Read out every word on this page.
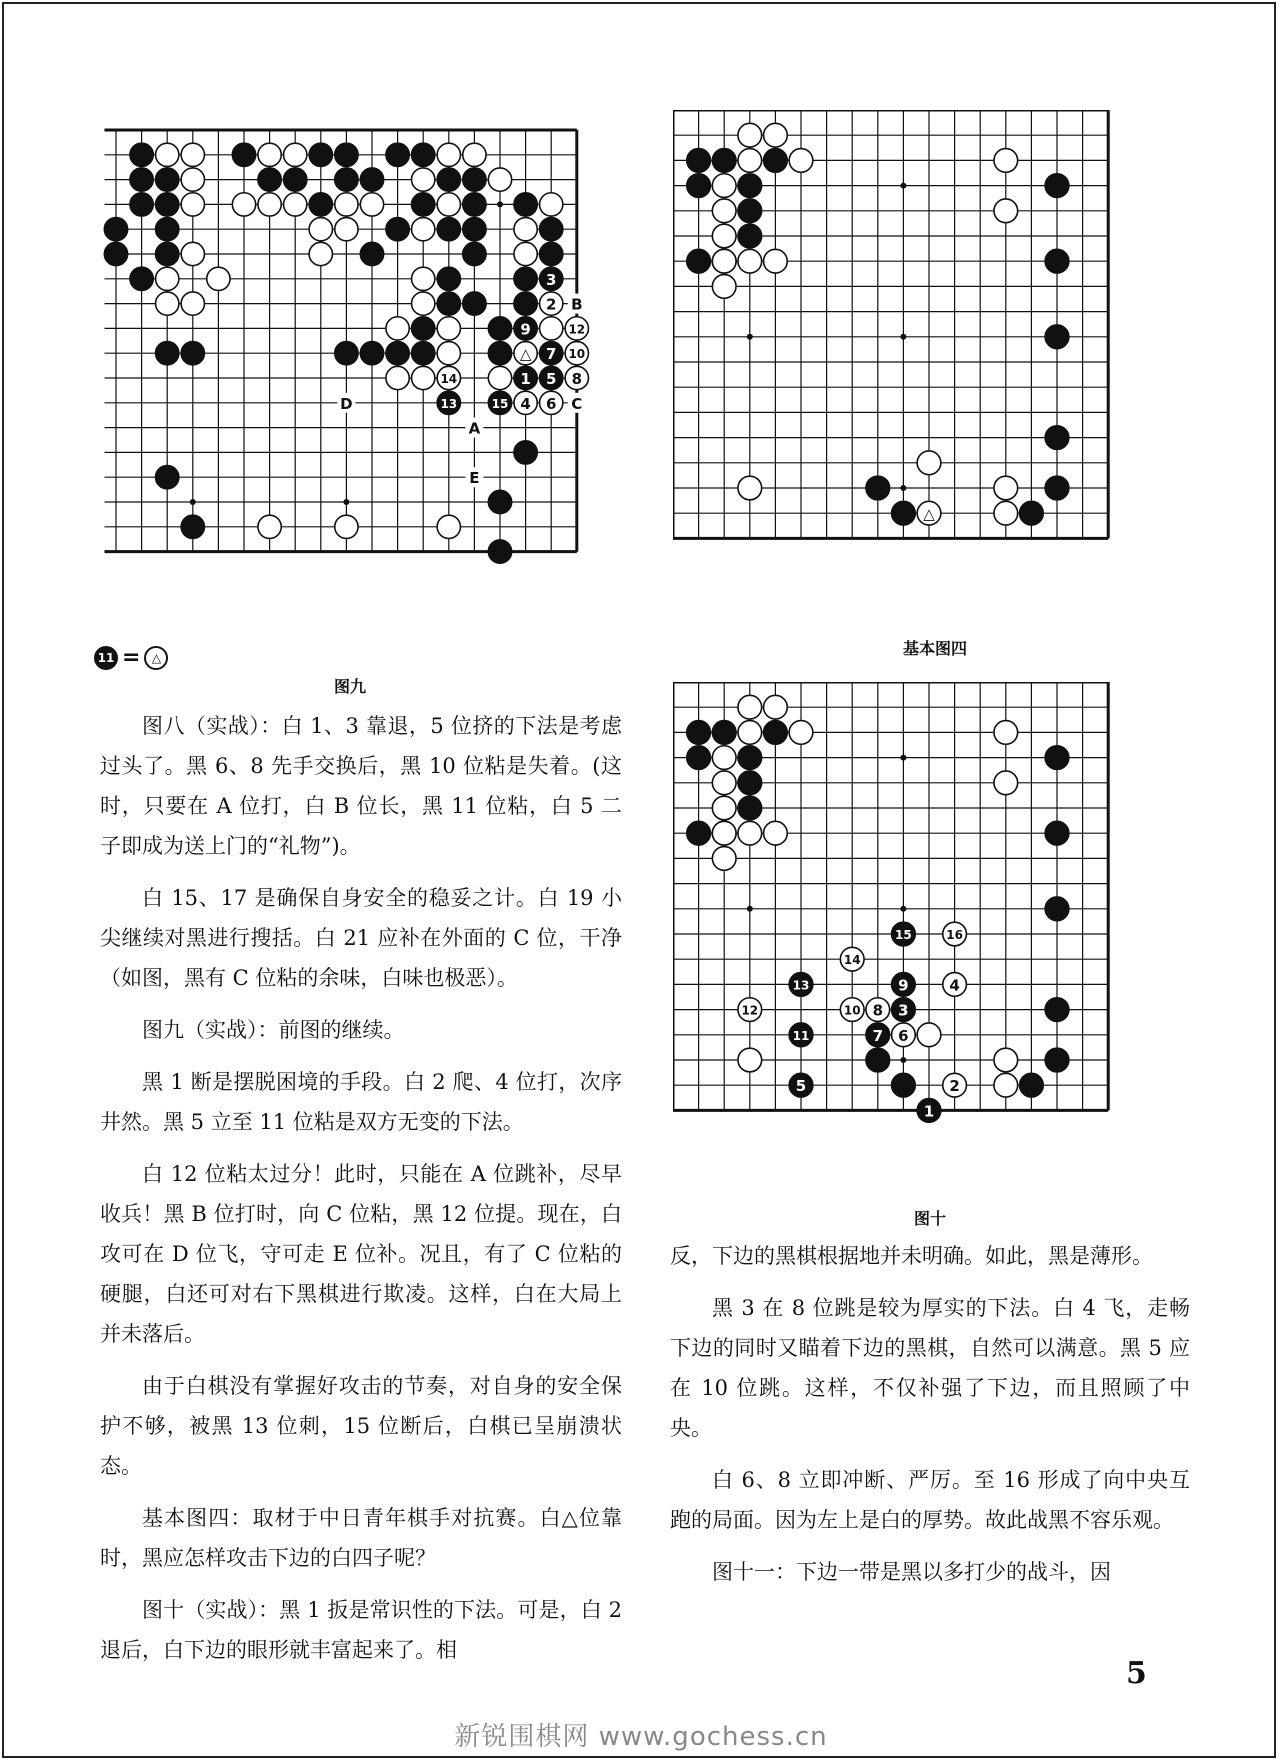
B
C
D
A
E
3
2
9	12
△ 7 10
14	1 5 8
13	15 4 6
图九
11 = △
△
基本图四
15	16
14
13	9	4
12	10 8 3
11	7 6
5	2
1
图十

图八（实战）：白 1、3 靠退，5 位挤的下法是考虑过头了。黑 6、8 先手交换后，黑 10 位粘是失着。(这时，只要在 A 位打，白 B 位长，黑 11 位粘，白 5 二子即成为送上门的“礼物”)。

白 15、17 是确保自身安全的稳妥之计。白 19 小尖继续对黑进行搜括。白 21 应补在外面的 C 位，干净（如图，黑有 C 位粘的余味，白味也极恶）。

图九（实战）：前图的继续。

黑 1 断是摆脱困境的手段。白 2 爬、4 位打，次序井然。黑 5 立至 11 位粘是双方无变的下法。

白 12 位粘太过分！此时，只能在 A 位跳补，尽早收兵！黑 B 位打时，向 C 位粘，黑 12 位提。现在，白攻可在 D 位飞，守可走 E 位补。况且，有了 C 位粘的硬腿，白还可对右下黑棋进行欺凌。这样，白在大局上并未落后。

由于白棋没有掌握好攻击的节奏，对自身的安全保护不够，被黑 13 位刺，15 位断后，白棋已呈崩溃状态。

基本图四：取材于中日青年棋手对抗赛。白△位靠时，黑应怎样攻击下边的白四子呢？

图十（实战）：黑 1 扳是常识性的下法。可是，白 2 退后，白下边的眼形就丰富起来了。相

反，下边的黑棋根据地并未明确。如此，黑是薄形。

黑 3 在 8 位跳是较为厚实的下法。白 4 飞，走畅下边的同时又瞄着下边的黑棋，自然可以满意。黑 5 应在 10 位跳。这样，不仅补强了下边，而且照顾了中央。

白 6、8 立即冲断、严厉。至 16 形成了向中央互跑的局面。因为左上是白的厚势。故此战黑不容乐观。

图十一：下边一带是黑以多打少的战斗，因

5
新锐围棋网 www.gochess.cn
